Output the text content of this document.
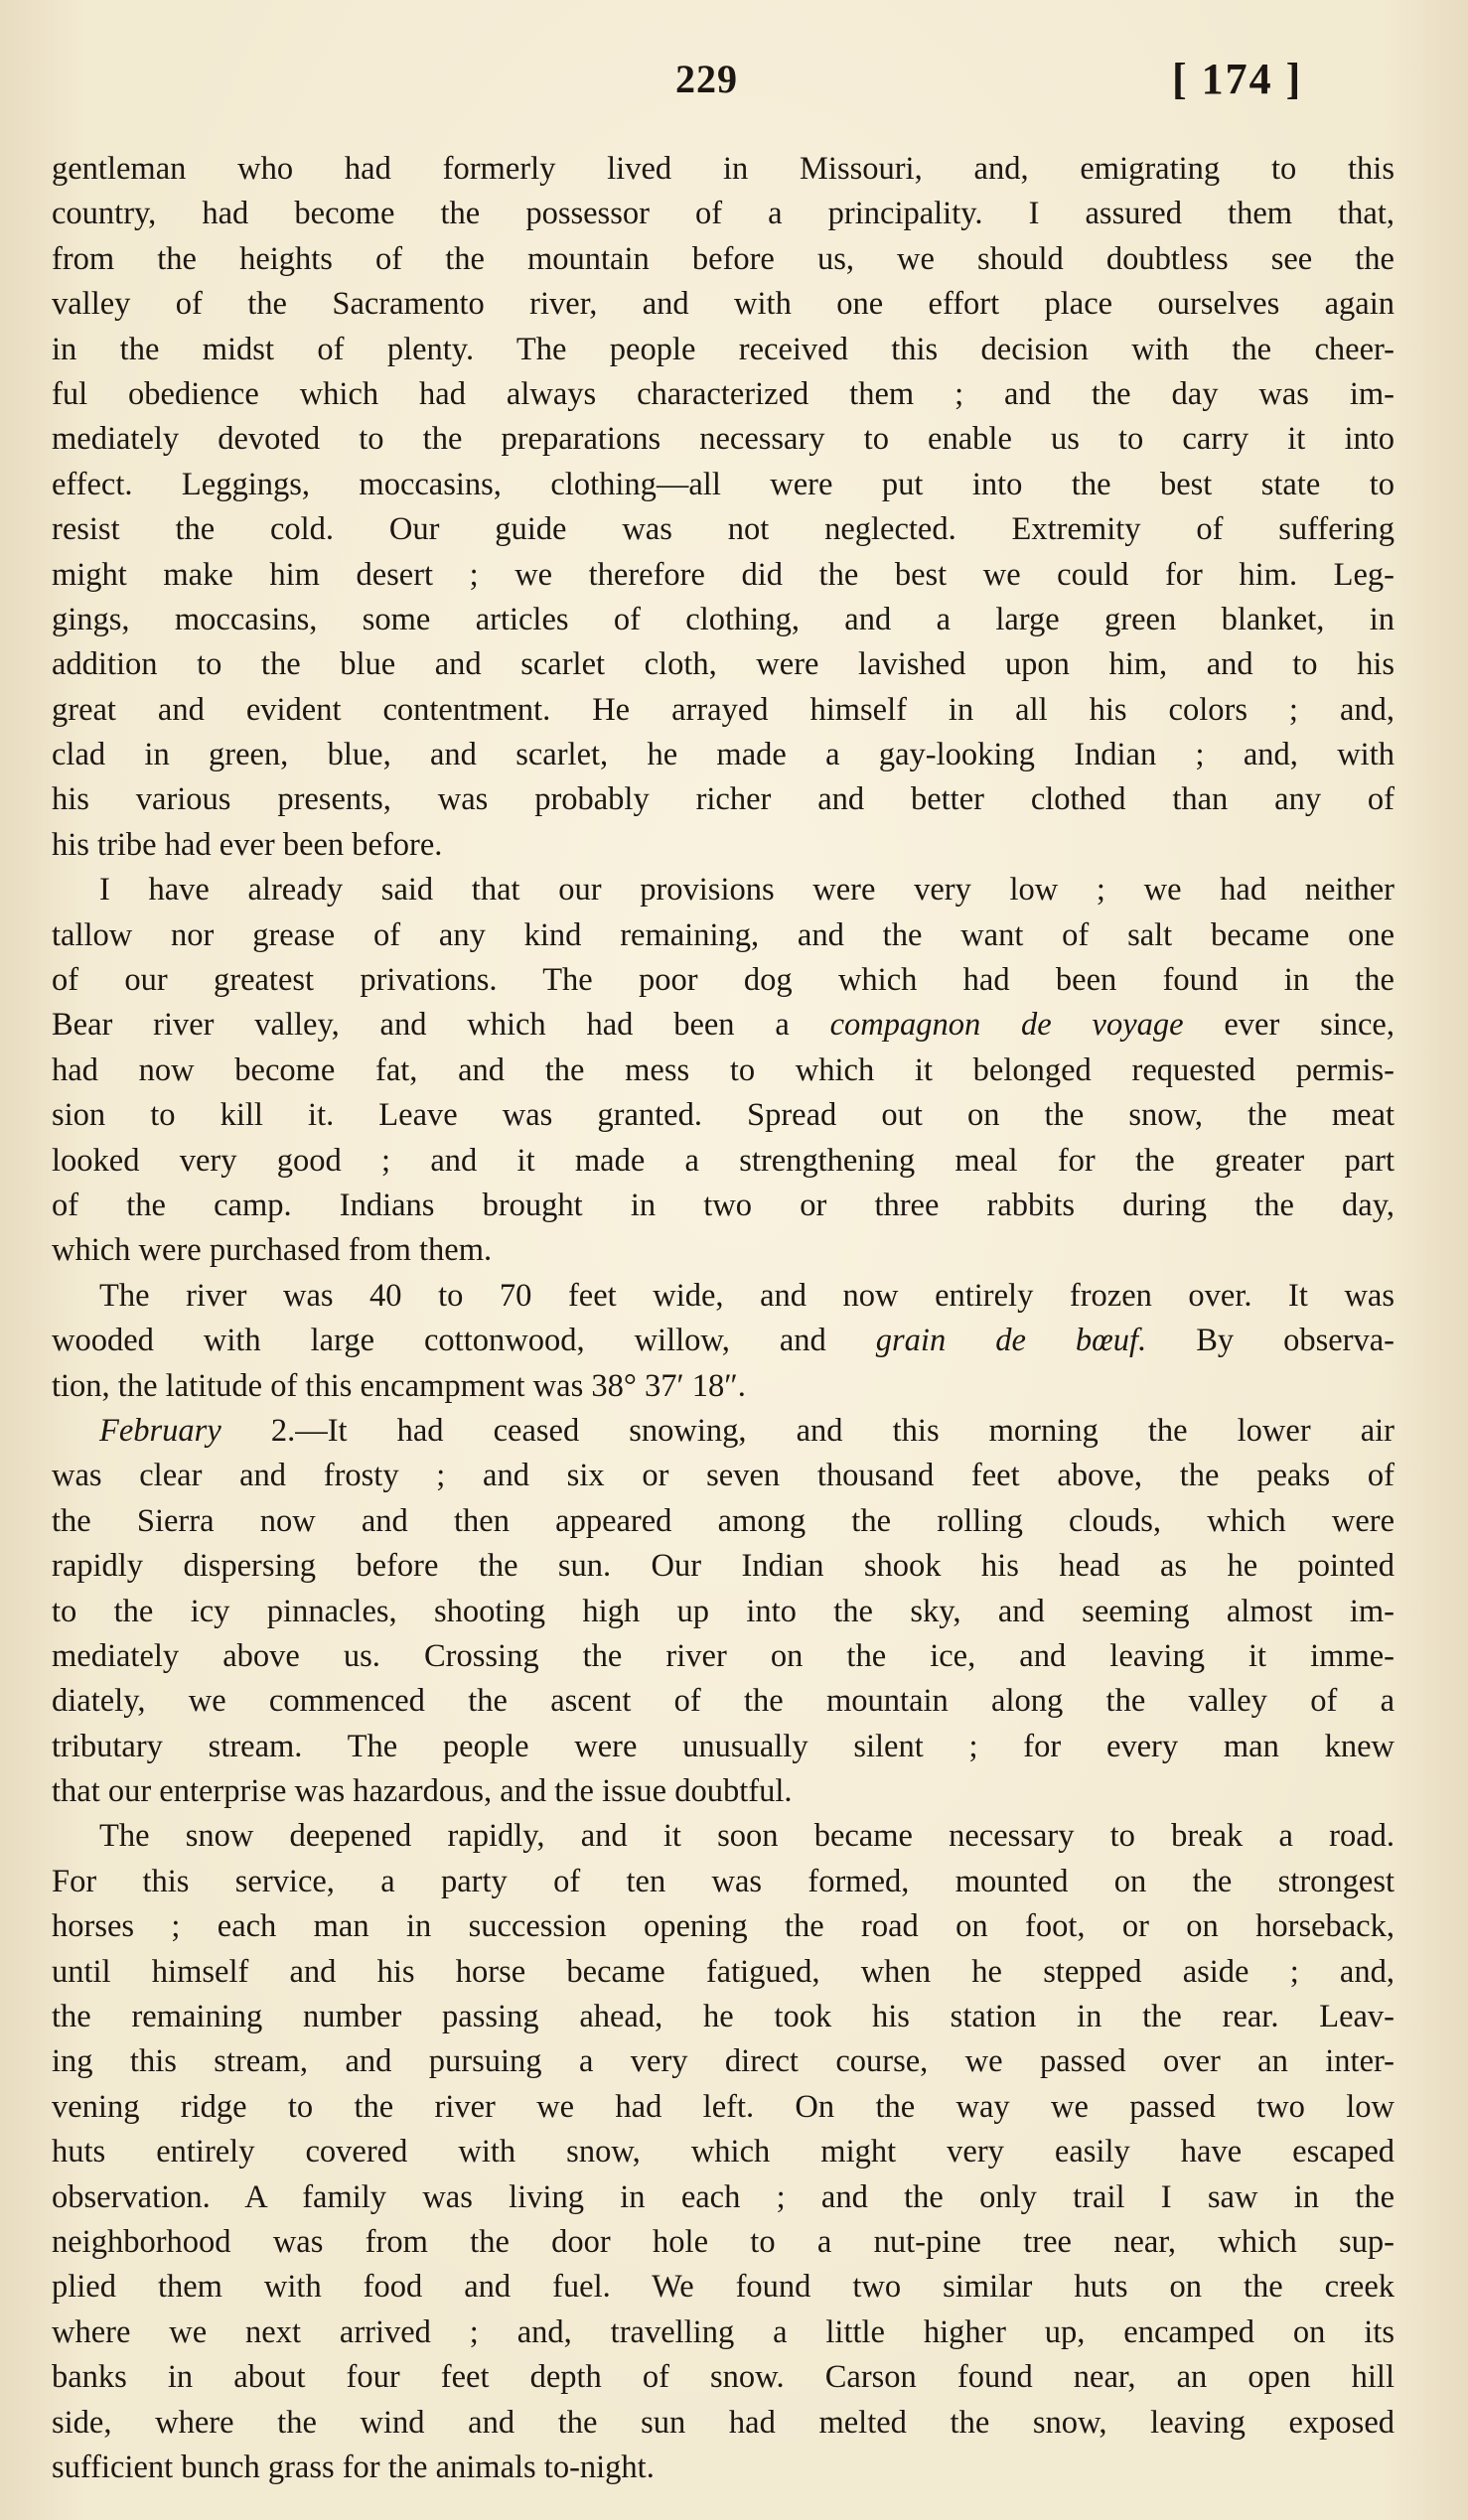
229	[ 174 ]
gentleman who had formerly lived in Missouri, and, emigrating to this
country, had become the possessor of a principality. I assured them that,
from the heights of the mountain before us, we should doubtless see the
valley of the Sacramento river, and with one effort place ourselves again
in the midst of plenty. The people received this decision with the cheer-
ful obedience which had always characterized them ; and the day was im-
mediately devoted to the preparations necessary to enable us to carry it into
effect. Leggings, moccasins, clothing—all were put into the best state to
resist the cold. Our guide was not neglected. Extremity of suffering
might make him desert ; we therefore did the best we could for him. Leg-
gings, moccasins, some articles of clothing, and a large green blanket, in
addition to the blue and scarlet cloth, were lavished upon him, and to his
great and evident contentment. He arrayed himself in all his colors ; and,
clad in green, blue, and scarlet, he made a gay-looking Indian ; and, with
his various presents, was probably richer and better clothed than any of
his tribe had ever been before.
I have already said that our provisions were very low ; we had neither
tallow nor grease of any kind remaining, and the want of salt became one
of our greatest privations. The poor dog which had been found in the
Bear river valley, and which had been a compagnon de voyage ever since,
had now become fat, and the mess to which it belonged requested permis-
sion to kill it. Leave was granted. Spread out on the snow, the meat
looked very good ; and it made a strengthening meal for the greater part
of the camp. Indians brought in two or three rabbits during the day,
which were purchased from them.
The river was 40 to 70 feet wide, and now entirely frozen over. It was
wooded with large cottonwood, willow, and grain de bœuf. By observa-
tion, the latitude of this encampment was 38° 37′ 18″.
February 2.—It had ceased snowing, and this morning the lower air
was clear and frosty ; and six or seven thousand feet above, the peaks of
the Sierra now and then appeared among the rolling clouds, which were
rapidly dispersing before the sun. Our Indian shook his head as he pointed
to the icy pinnacles, shooting high up into the sky, and seeming almost im-
mediately above us. Crossing the river on the ice, and leaving it imme-
diately, we commenced the ascent of the mountain along the valley of a
tributary stream. The people were unusually silent ; for every man knew
that our enterprise was hazardous, and the issue doubtful.
The snow deepened rapidly, and it soon became necessary to break a road.
For this service, a party of ten was formed, mounted on the strongest
horses ; each man in succession opening the road on foot, or on horseback,
until himself and his horse became fatigued, when he stepped aside ; and,
the remaining number passing ahead, he took his station in the rear. Leav-
ing this stream, and pursuing a very direct course, we passed over an inter-
vening ridge to the river we had left. On the way we passed two low
huts entirely covered with snow, which might very easily have escaped
observation. A family was living in each ; and the only trail I saw in the
neighborhood was from the door hole to a nut-pine tree near, which sup-
plied them with food and fuel. We found two similar huts on the creek
where we next arrived ; and, travelling a little higher up, encamped on its
banks in about four feet depth of snow. Carson found near, an open hill
side, where the wind and the sun had melted the snow, leaving exposed
sufficient bunch grass for the animals to-night.
